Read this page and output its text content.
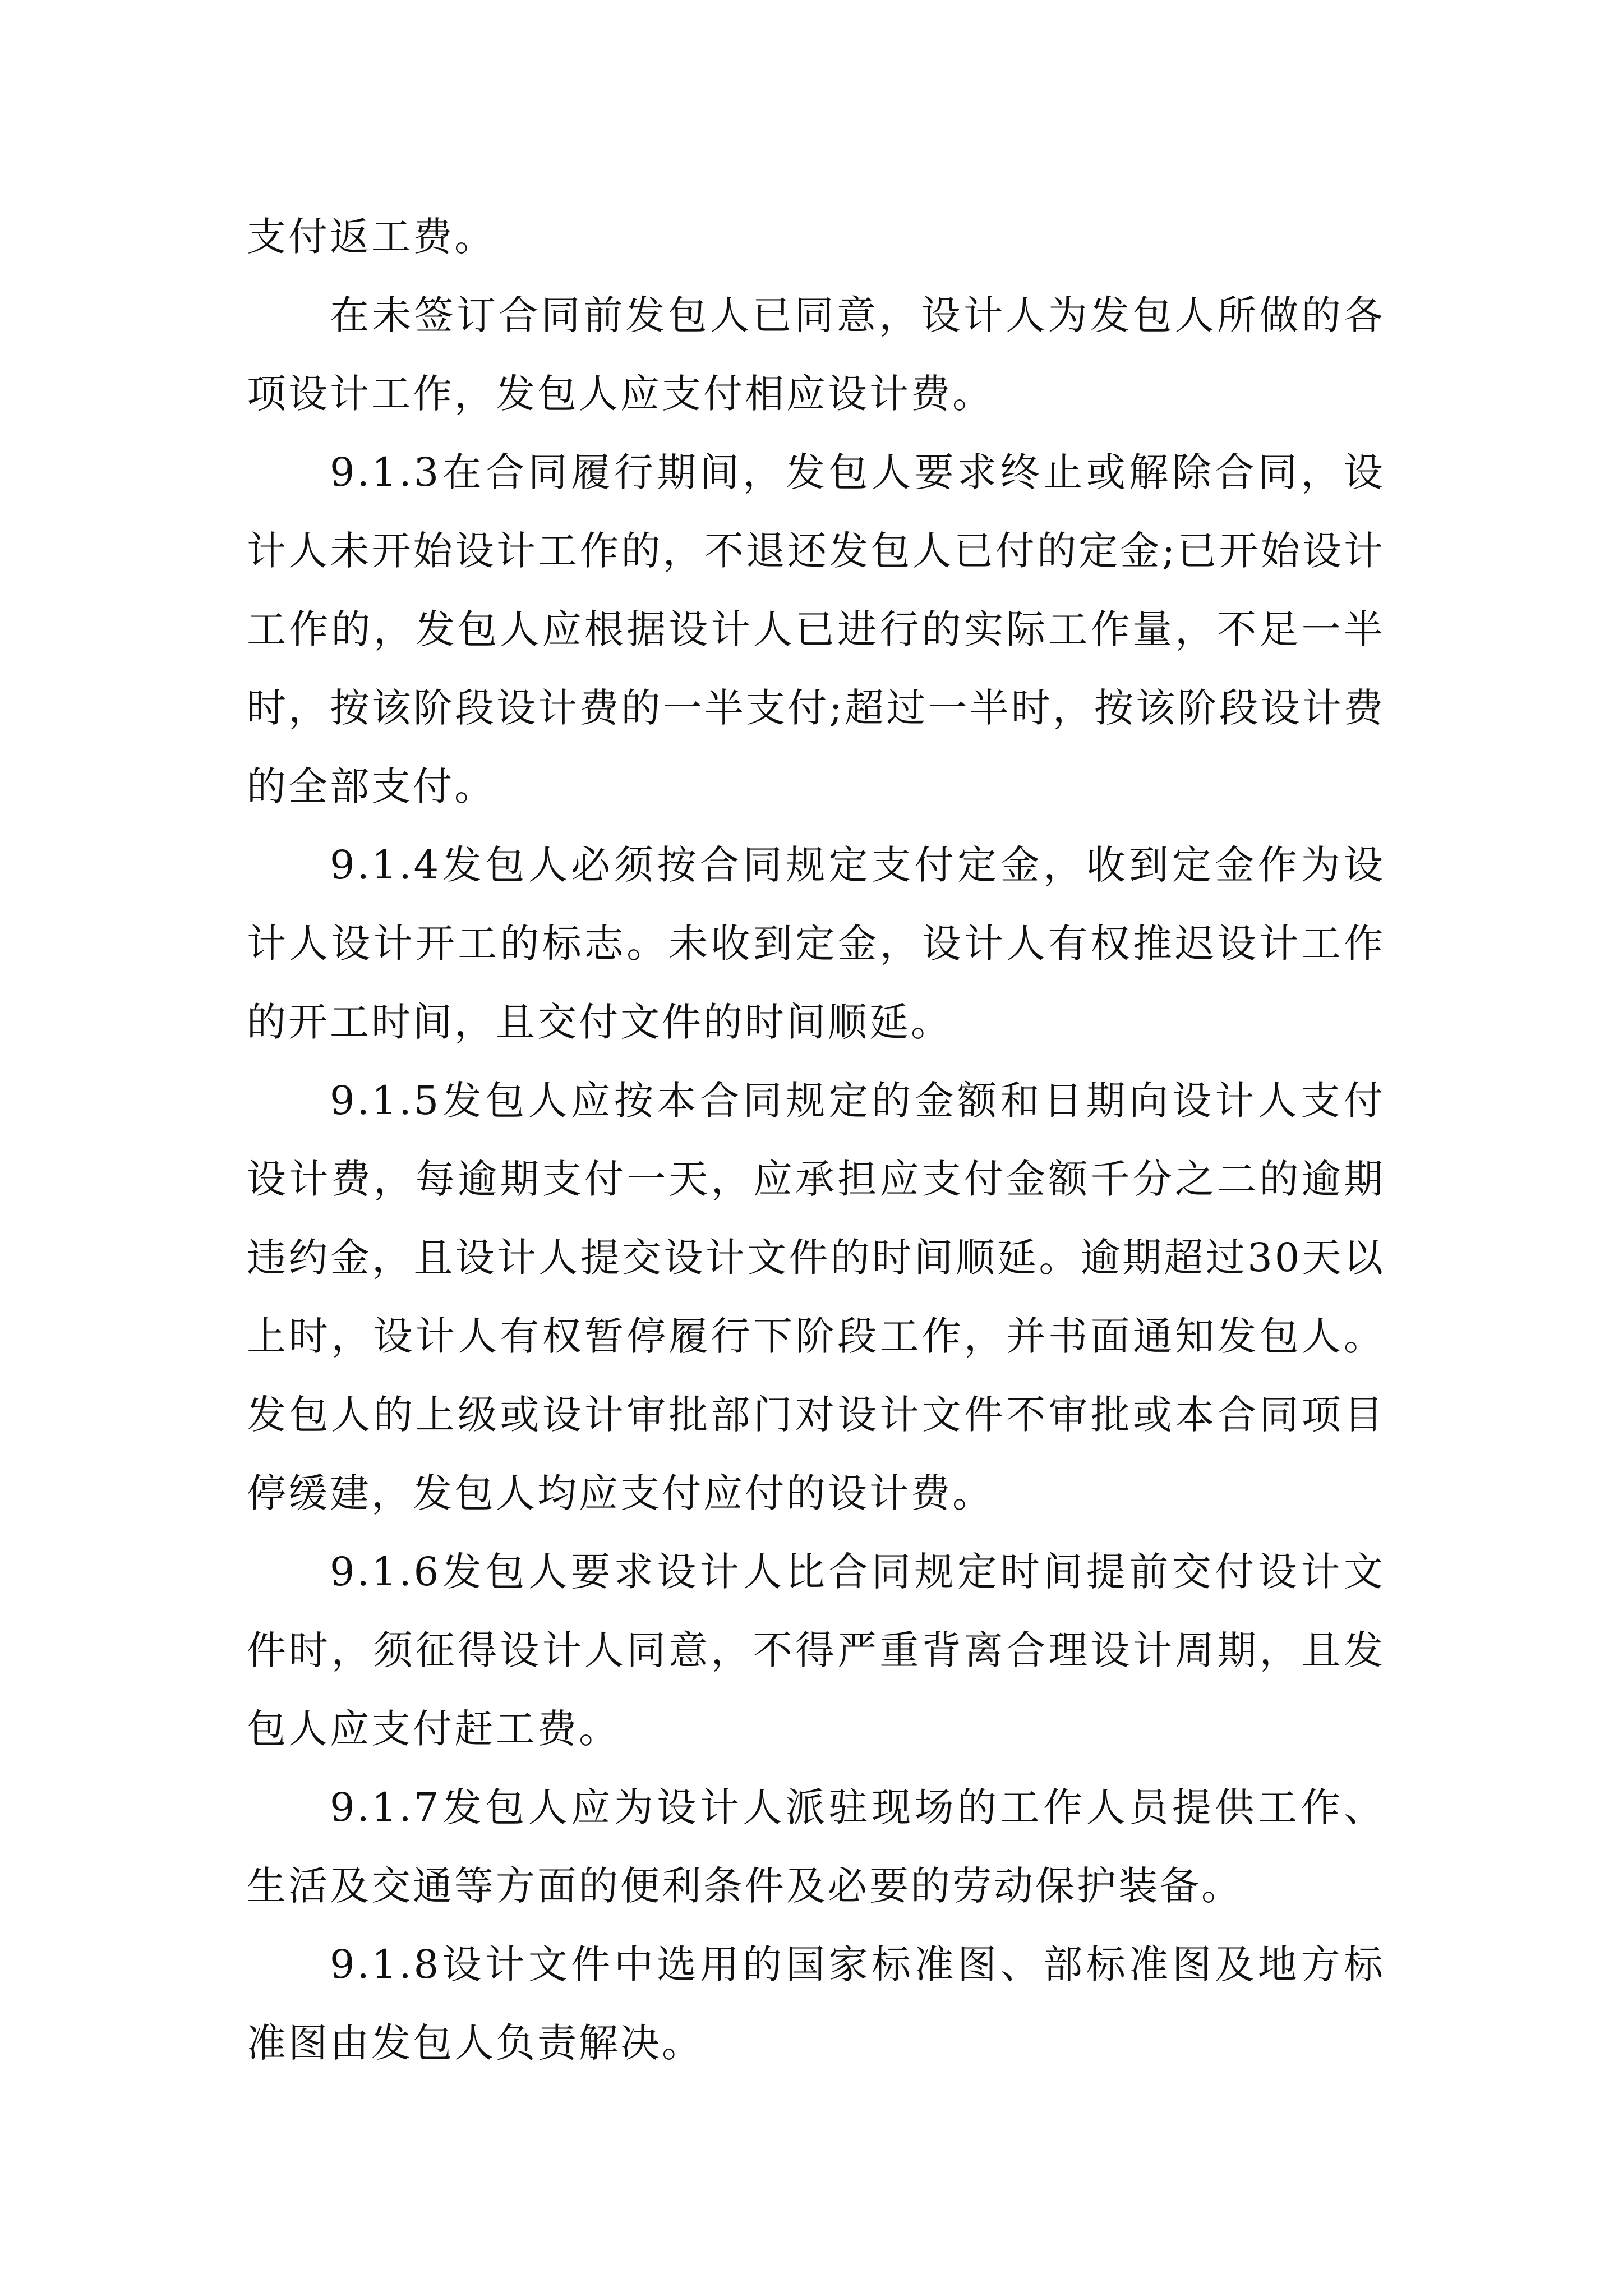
支付返工费。

在未签订合同前发包人已同意，设计人为发包人所做的各项设计工作，发包人应支付相应设计费。

9.1.3在合同履行期间，发包人要求终止或解除合同，设计人未开始设计工作的，不退还发包人已付的定金;已开始设计工作的，发包人应根据设计人已进行的实际工作量，不足一半时，按该阶段设计费的一半支付;超过一半时，按该阶段设计费的全部支付。

9.1.4发包人必须按合同规定支付定金，收到定金作为设计人设计开工的标志。未收到定金，设计人有权推迟设计工作的开工时间，且交付文件的时间顺延。

9.1.5发包人应按本合同规定的金额和日期向设计人支付设计费，每逾期支付一天，应承担应支付金额千分之二的逾期违约金，且设计人提交设计文件的时间顺延。逾期超过30天以上时，设计人有权暂停履行下阶段工作，并书面通知发包人。发包人的上级或设计审批部门对设计文件不审批或本合同项目停缓建，发包人均应支付应付的设计费。

9.1.6发包人要求设计人比合同规定时间提前交付设计文件时，须征得设计人同意，不得严重背离合理设计周期，且发包人应支付赶工费。

9.1.7发包人应为设计人派驻现场的工作人员提供工作、生活及交通等方面的便利条件及必要的劳动保护装备。

9.1.8设计文件中选用的国家标准图、部标准图及地方标准图由发包人负责解决。
